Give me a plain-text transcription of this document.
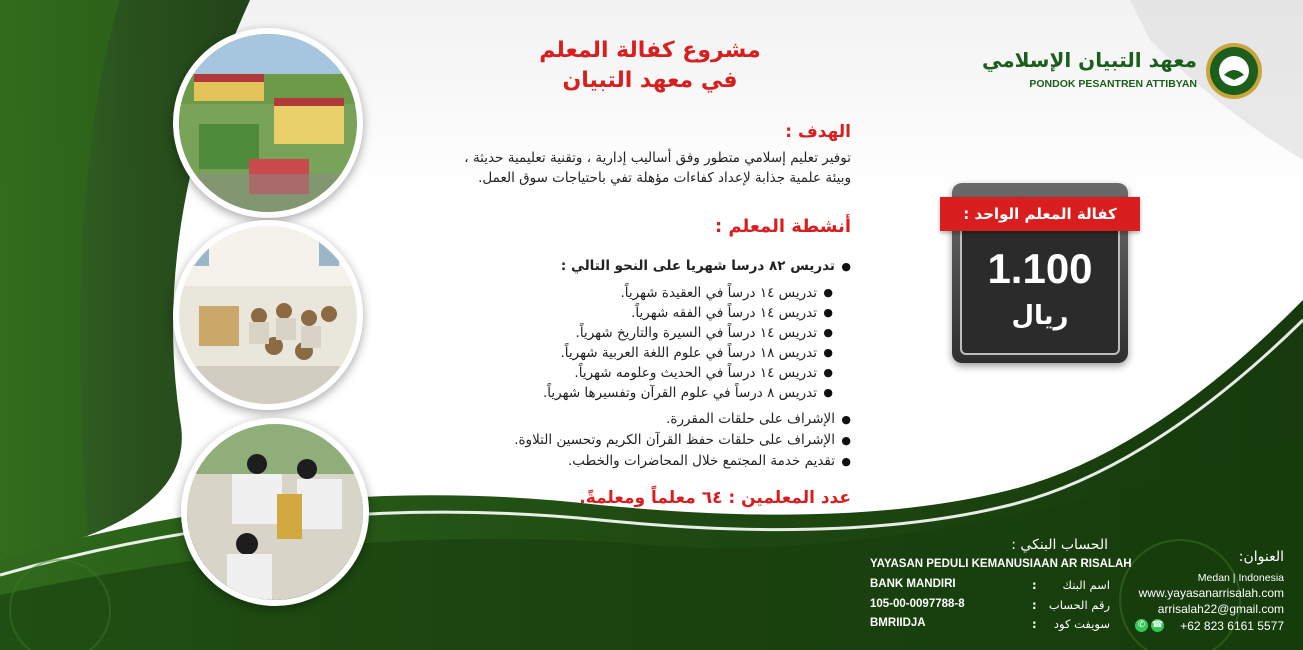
معهد التبيان الإسلامي
PONDOK PESANTREN ATTIBYAN
مشروع كفالة المعلم
في معهد التبيان
الهدف :
توفير تعليم إسلامي متطور وفق أساليب إدارية ، وتقنية تعليمية حديثة ،
وبيئة علمية جذابة لإعداد كفاءات مؤهلة تفي باحتياجات سوق العمل.
أنشطة المعلم :
● تدريس ٨٢ درسا شهريا على النحو التالي :
● تدريس ١٤ درساً في العقيدة شهرياً.
● تدريس ١٤ درساً في الفقه شهرياً.
● تدريس ١٤ درساً في السيرة والتاريخ شهرياً.
● تدريس ١٨ درساً في علوم اللغة العربية شهرياً.
● تدريس ١٤ درساً في الحديث وعلومه شهرياً.
● تدريس ٨ درساً في علوم القرآن وتفسيرها شهرياً.
● الإشراف على حلقات المقررة.
● الإشراف على حلقات حفظ القرآن الكريم وتحسين التلاوة.
● تقديم خدمة المجتمع خلال المحاضرات والخطب.
عدد المعلمين : ٦٤ معلماً ومعلمةً.
كفالة المعلم الواحد :
1.100
ريال
الحساب البنكي :
YAYASAN PEDULI KEMANUSIAAN AR RISALAH
BANK MANDIRI	: اسم البنك
105-00-0097788-8	: رقم الحساب
BMRIIDJA	: سويفت كود
العنوان:
Medan | Indonesia
www.yayasanarrisalah.com
arrisalah22@gmail.com
+62 823 6161 5577
✆ ☎
